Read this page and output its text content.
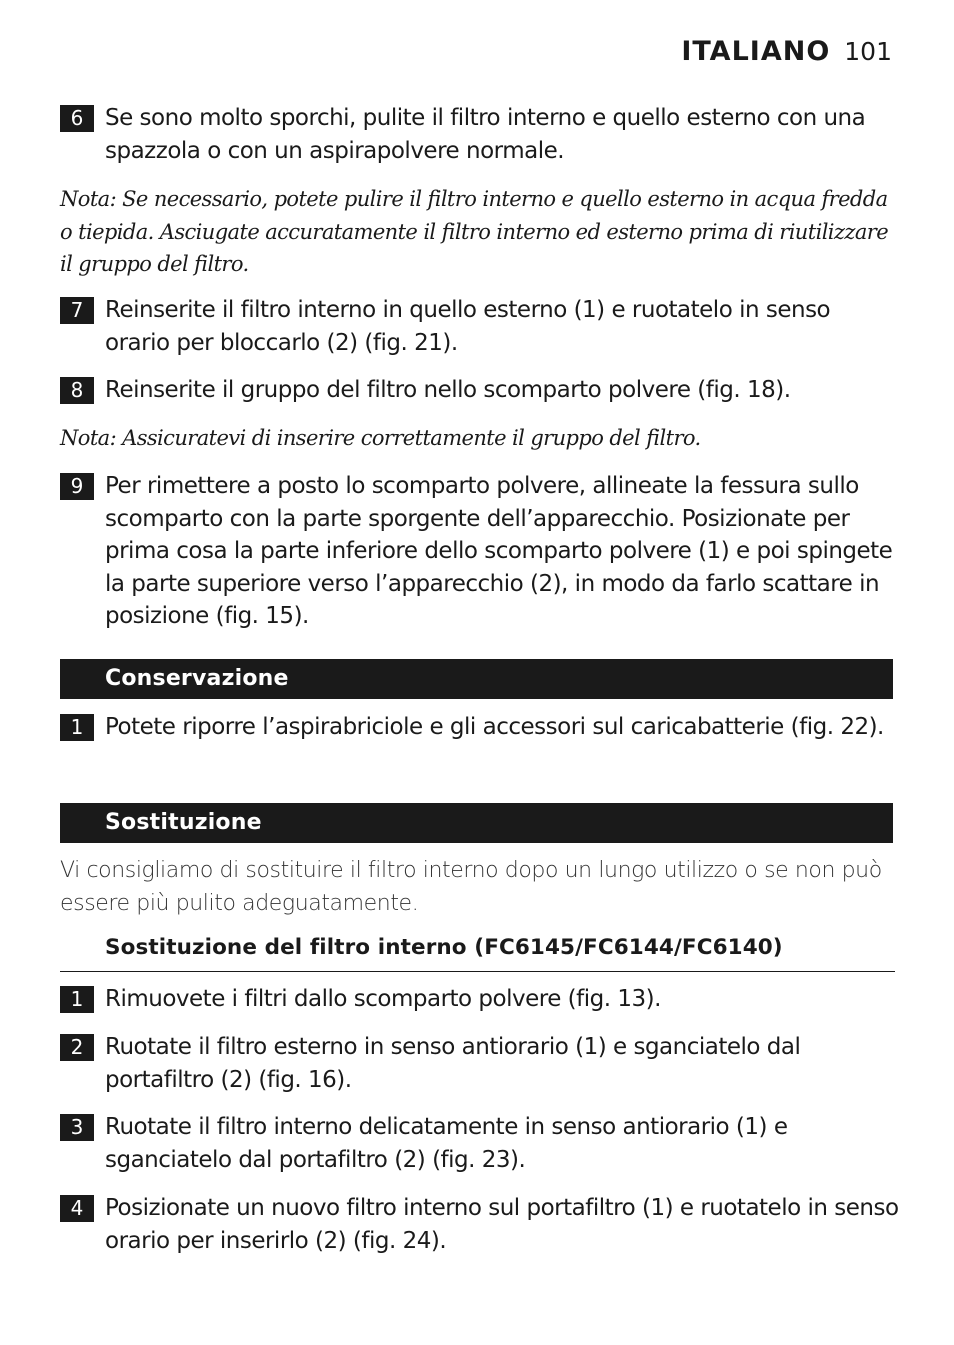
ITALIANO 101
6 Se sono molto sporchi, pulite il filtro interno e quello esterno con una spazzola o con un aspirapolvere normale.
Nota: Se necessario, potete pulire il filtro interno e quello esterno in acqua fredda o tiepida. Asciugate accuratamente il filtro interno ed esterno prima di riutilizzare il gruppo del filtro.
7 Reinserite il filtro interno in quello esterno (1) e ruotatelo in senso orario per bloccarlo (2) (fig. 21).
8 Reinserite il gruppo del filtro nello scomparto polvere (fig. 18).
Nota: Assicuratevi di inserire correttamente il gruppo del filtro.
9 Per rimettere a posto lo scomparto polvere, allineate la fessura sullo scomparto con la parte sporgente dell’apparecchio. Posizionate per prima cosa la parte inferiore dello scomparto polvere (1) e poi spingete la parte superiore verso l’apparecchio (2), in modo da farlo scattare in posizione (fig. 15).
Conservazione
1 Potete riporre l’aspirabriciole e gli accessori sul caricabatterie (fig. 22).
Sostituzione
Vi consigliamo di sostituire il filtro interno dopo un lungo utilizzo o se non può essere più pulito adeguatamente.
Sostituzione del filtro interno (FC6145/FC6144/FC6140)
1 Rimuovete i filtri dallo scomparto polvere (fig. 13).
2 Ruotate il filtro esterno in senso antiorario (1) e sganciatelo dal portafiltro (2) (fig. 16).
3 Ruotate il filtro interno delicatamente in senso antiorario (1) e sganciatelo dal portafiltro (2) (fig. 23).
4 Posizionate un nuovo filtro interno sul portafiltro (1) e ruotatelo in senso orario per inserirlo (2) (fig. 24).
